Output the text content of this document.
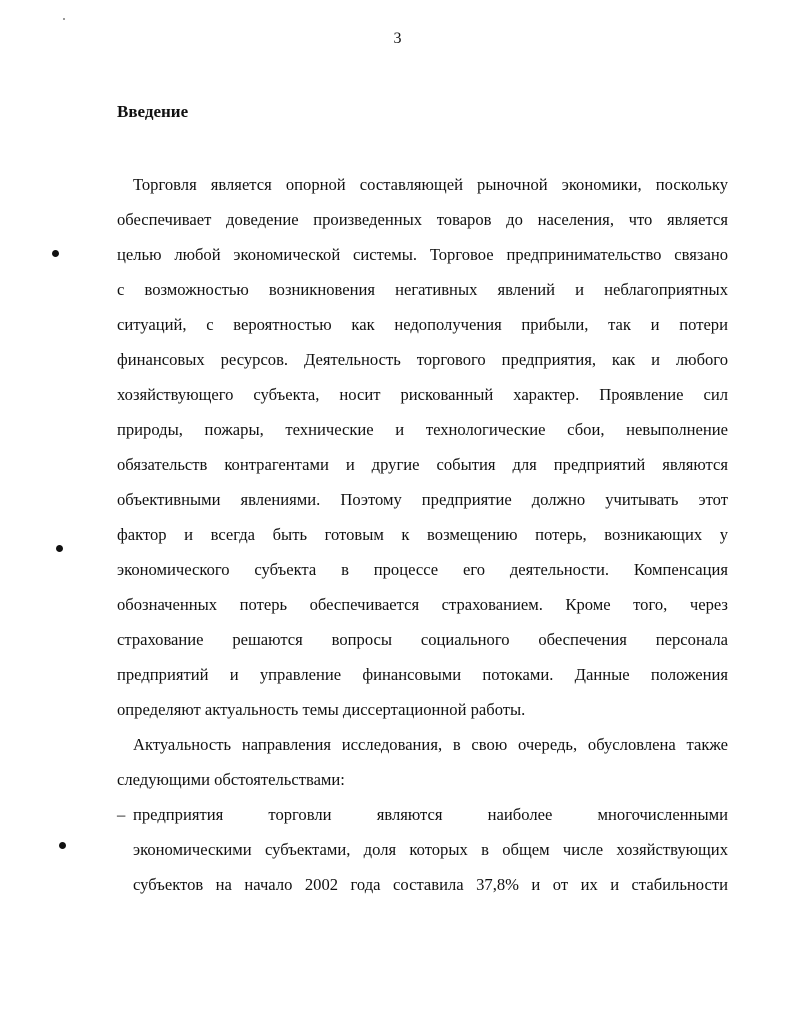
3
Введение
Торговля является опорной составляющей рыночной экономики, поскольку
обеспечивает доведение произведенных товаров до населения, что является
целью любой экономической системы. Торговое предпринимательство связано
с возможностью возникновения негативных явлений и неблагоприятных
ситуаций, с вероятностью как недополучения прибыли, так и потери
финансовых ресурсов. Деятельность торгового предприятия, как и любого
хозяйствующего субъекта, носит рискованный характер. Проявление сил
природы, пожары, технические и технологические сбои, невыполнение
обязательств контрагентами и другие события для предприятий являются
объективными явлениями. Поэтому предприятие должно учитывать этот
фактор и всегда быть готовым к возмещению потерь, возникающих у
экономического субъекта в процессе его деятельности. Компенсация
обозначенных потерь обеспечивается страхованием. Кроме того, через
страхование решаются вопросы социального обеспечения персонала
предприятий и управление финансовыми потоками. Данные положения
определяют актуальность темы диссертационной работы.
Актуальность направления исследования, в свою очередь, обусловлена также
следующими обстоятельствами:
– предприятия торговли являются наиболее многочисленными
экономическими субъектами, доля которых в общем числе хозяйствующих
субъектов на начало 2002 года составила 37,8% и от их и стабильности
